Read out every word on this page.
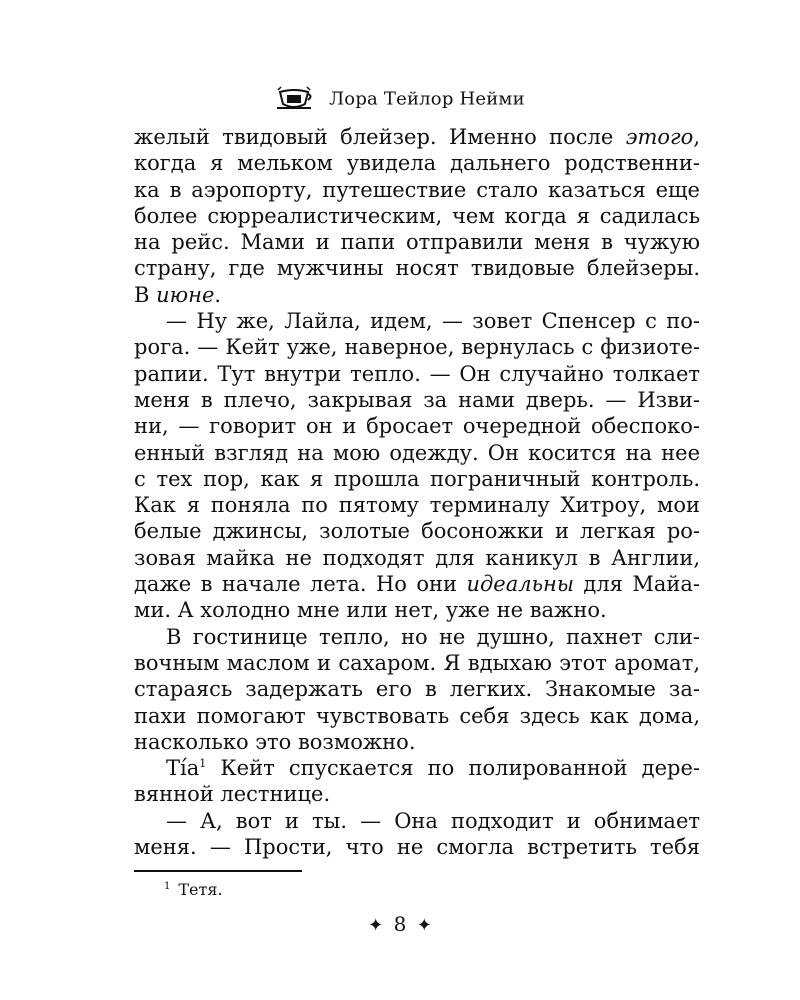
Лора Тейлор Нейми
желый твидовый блейзер. Именно после этого,
когда я мельком увидела дальнего родственни-
ка в аэропорту, путешествие стало казаться еще
более сюрреалистическим, чем когда я садилась
на рейс. Мами и папи отправили меня в чужую
страну, где мужчины носят твидовые блейзеры.
В июне.
— Ну же, Лайла, идем, — зовет Спенсер с по-
рога. — Кейт уже, наверное, вернулась с физиоте-
рапии. Тут внутри тепло. — Он случайно толкает
меня в плечо, закрывая за нами дверь. — Изви-
ни, — говорит он и бросает очередной обеспоко-
енный взгляд на мою одежду. Он косится на нее
с тех пор, как я прошла пограничный контроль.
Как я поняла по пятому терминалу Хитроу, мои
белые джинсы, золотые босоножки и легкая ро-
зовая майка не подходят для каникул в Англии,
даже в начале лета. Но они идеальны для Майа-
ми. А холодно мне или нет, уже не важно.
В гостинице тепло, но не душно, пахнет сли-
вочным маслом и сахаром. Я вдыхаю этот аромат,
стараясь задержать его в легких. Знакомые за-
пахи помогают чувствовать себя здесь как дома,
насколько это возможно.
Tía$^1$ Кейт спускается по полированной дере-
вянной лестнице.
— А, вот и ты. — Она подходит и обнимает
меня. — Прости, что не смогла встретить тебя
$^1$ Тетя.
✦ 8 ✦
